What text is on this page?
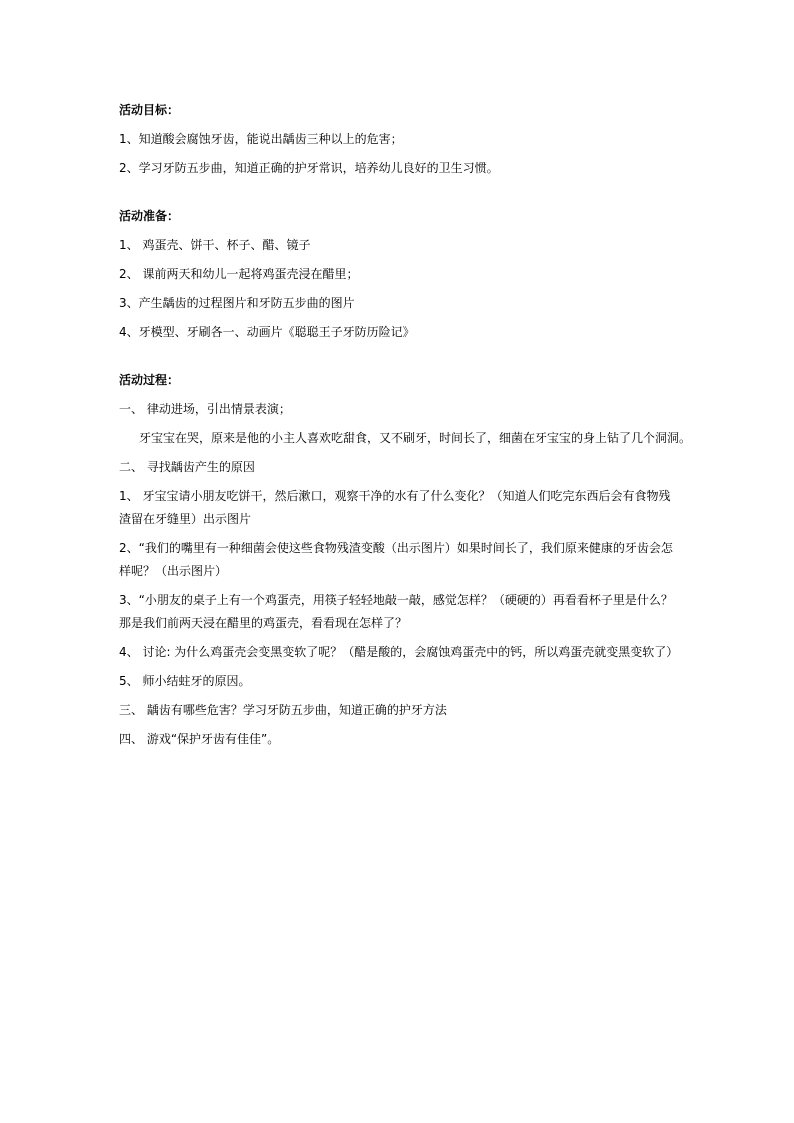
活动目标：
1、知道酸会腐蚀牙齿，能说出龋齿三种以上的危害；
2、学习牙防五步曲，知道正确的护牙常识，培养幼儿良好的卫生习惯。
活动准备：
1、 鸡蛋壳、饼干、杯子、醋、镜子
2、 课前两天和幼儿一起将鸡蛋壳浸在醋里；
3、产生龋齿的过程图片和牙防五步曲的图片
4、牙模型、牙刷各一、动画片《聪聪王子牙防历险记》
活动过程：
一、 律动进场，引出情景表演；
牙宝宝在哭，原来是他的小主人喜欢吃甜食，又不刷牙，时间长了，细菌在牙宝宝的身上钻了几个洞洞。
二、 寻找龋齿产生的原因
1、 牙宝宝请小朋友吃饼干，然后漱口，观察干净的水有了什么变化？（知道人们吃完东西后会有食物残
渣留在牙缝里）出示图片
2、“我们的嘴里有一种细菌会使这些食物残渣变酸（出示图片）如果时间长了，我们原来健康的牙齿会怎
样呢？（出示图片）
3、“小朋友的桌子上有一个鸡蛋壳，用筷子轻轻地敲一敲，感觉怎样？（硬硬的）再看看杯子里是什么？
那是我们前两天浸在醋里的鸡蛋壳，看看现在怎样了？
4、 讨论: 为什么鸡蛋壳会变黑变软了呢？（醋是酸的，会腐蚀鸡蛋壳中的钙，所以鸡蛋壳就变黑变软了）
5、 师小结蛀牙的原因。
三、 龋齿有哪些危害？学习牙防五步曲，知道正确的护牙方法
四、 游戏“保护牙齿有佳佳”。
